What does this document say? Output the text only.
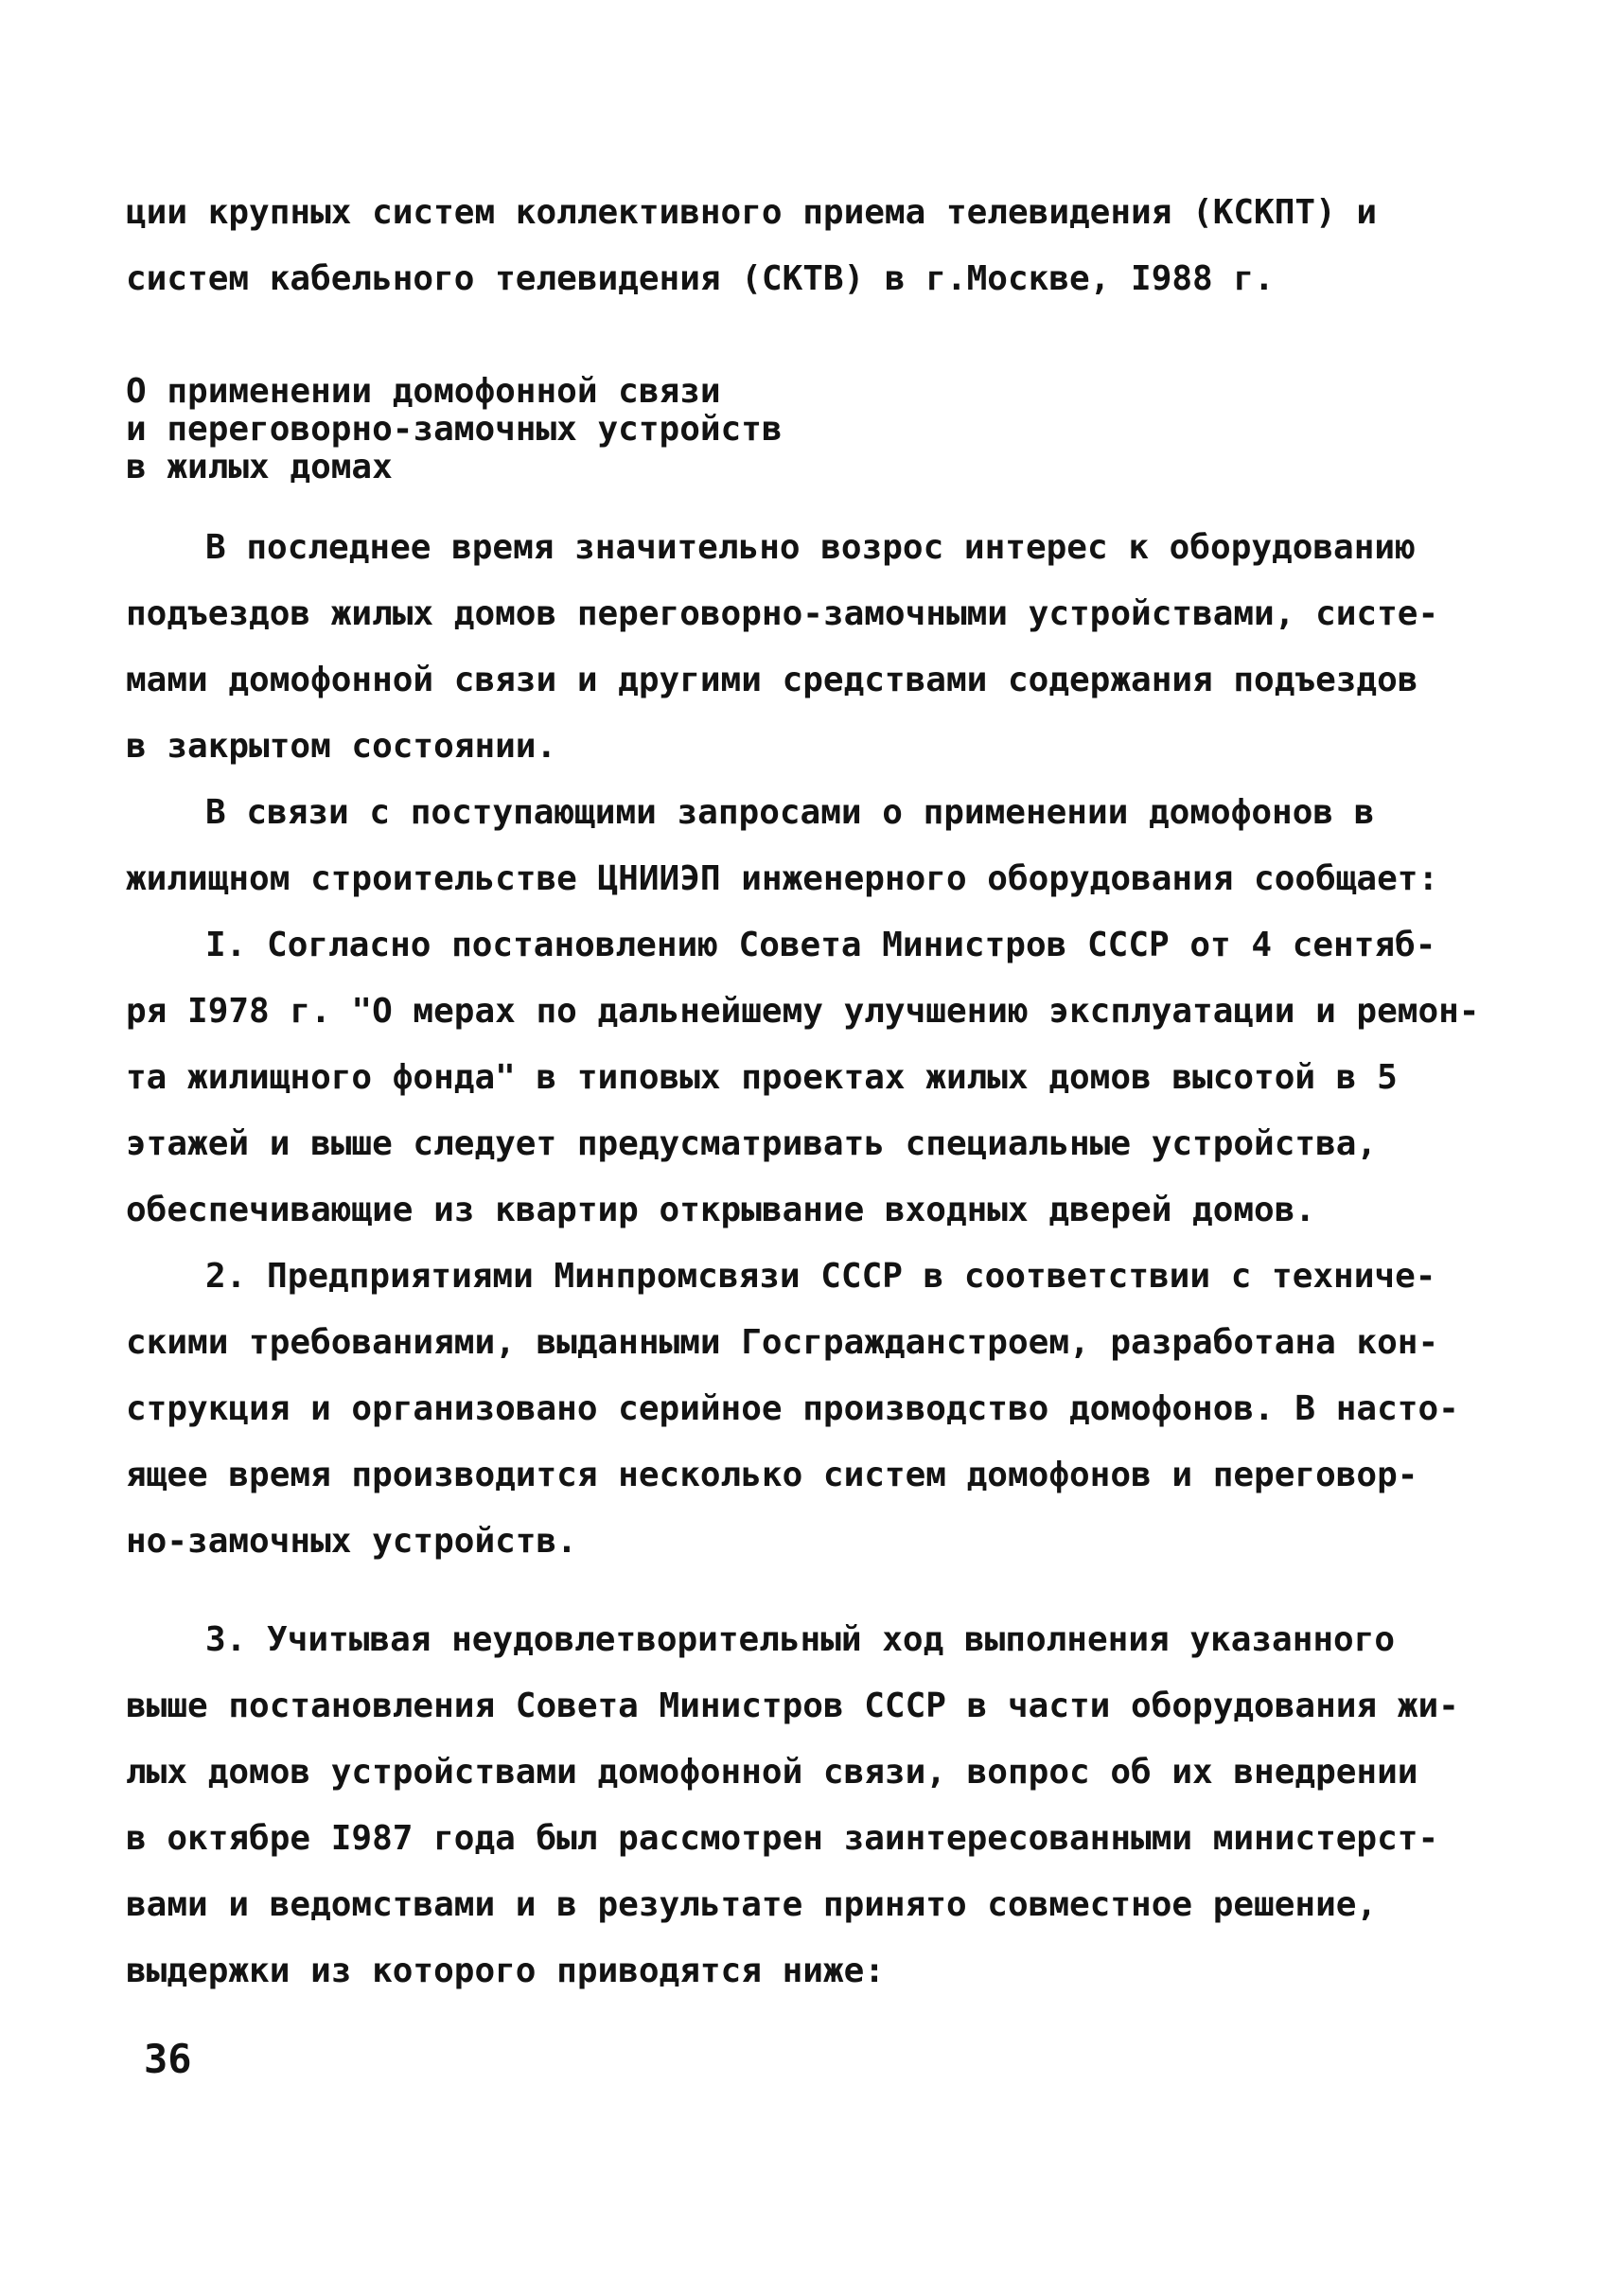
ции крупных систем коллективного приема телевидения (КСКПТ) и
систем кабельного телевидения (СКТВ) в г.Москве, I988 г.
О применении домофонной связи
и переговорно-замочных устройств
в жилых домах
В последнее время значительно возрос интерес к оборудованию
подъездов жилых домов переговорно-замочными устройствами, систе-
мами домофонной связи и другими средствами содержания подъездов
в закрытом состоянии.
В связи с поступающими запросами о применении домофонов в
жилищном строительстве ЦНИИЭП инженерного оборудования сообщает:
I. Согласно постановлению Совета Министров СССР от 4 сентяб-
ря I978 г. "О мерах по дальнейшему улучшению эксплуатации и ремон-
та жилищного фонда" в типовых проектах жилых домов высотой в 5
этажей и выше следует предусматривать специальные устройства,
обеспечивающие из квартир открывание входных дверей домов.
2. Предприятиями Минпромсвязи СССР в соответствии с техниче-
скими требованиями, выданными Госгражданстроем, разработана кон-
струкция и организовано серийное производство домофонов. В насто-
ящее время производится несколько систем домофонов и переговор-
но-замочных устройств.
3. Учитывая неудовлетворительный ход выполнения указанного
выше постановления Совета Министров СССР в части оборудования жи-
лых домов устройствами домофонной связи, вопрос об их внедрении
в октябре I987 года был рассмотрен заинтересованными министерст-
вами и ведомствами и в результате принято совместное решение,
выдержки из которого приводятся ниже:
36
